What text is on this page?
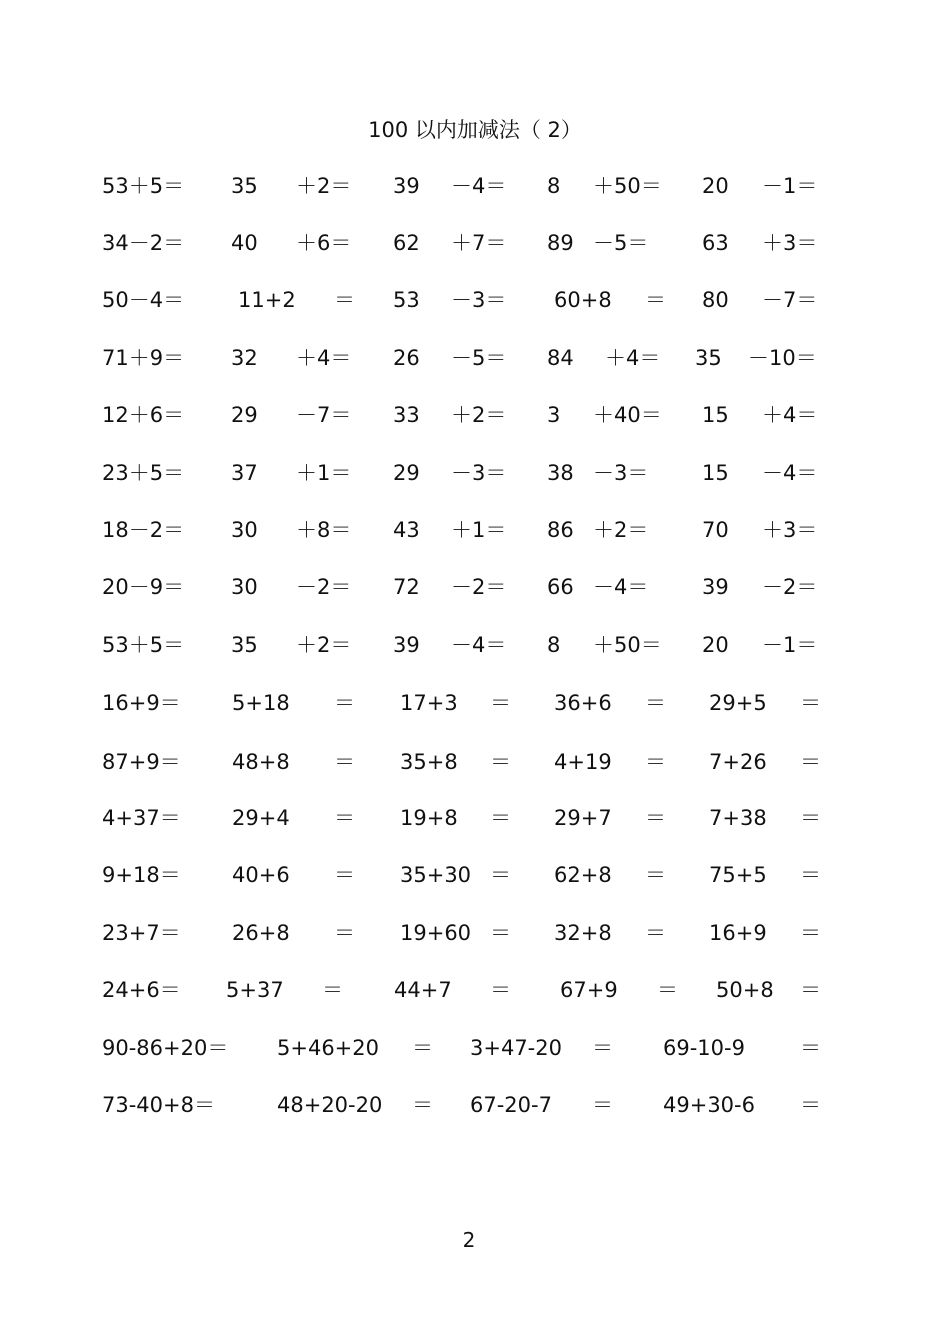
100 以内加减法（ 2）
53＋5＝ 35 ＋2＝ 39 －4＝ 8 ＋50＝ 20 －1＝
34－2＝ 40 ＋6＝ 62 ＋7＝ 89 －5＝	63 ＋3＝
50－4＝	11+2 ＝ 53 －3＝ 60+8 ＝ 80 －7＝
71＋9＝ 32 ＋4＝ 26 －5＝ 84 ＋4＝ 35 －10＝
12＋6＝ 29 －7＝ 33 ＋2＝ 3 ＋40＝ 15 ＋4＝
23＋5＝ 37 ＋1＝ 29 －3＝ 38 －3＝	15 －4＝
18－2＝ 30 ＋8＝ 43 ＋1＝ 86 ＋2＝	70 ＋3＝
20－9＝ 30 －2＝ 72 －2＝ 66 －4＝	39 －2＝
53＋5＝ 35 ＋2＝ 39 －4＝ 8 ＋50＝ 20 －1＝
16+9＝ 5+18 ＝ 17+3 ＝ 36+6 ＝ 29+5 ＝
87+9＝ 48+8 ＝ 35+8 ＝ 4+19 ＝ 7+26 ＝
4+37＝ 29+4 ＝ 19+8 ＝ 29+7 ＝ 7+38 ＝
9+18＝ 40+6 ＝ 35+30 ＝ 62+8 ＝ 75+5 ＝
23+7＝ 26+8 ＝ 19+60 ＝ 32+8 ＝ 16+9 ＝
24+6＝ 5+37 ＝ 44+7 ＝ 67+9 ＝ 50+8 ＝
90-86+20＝ 5+46+20 ＝ 3+47-20 ＝ 69-10-9	＝
73-40+8＝	48+20-20 ＝ 67-20-7 ＝ 49+30-6 ＝
2
